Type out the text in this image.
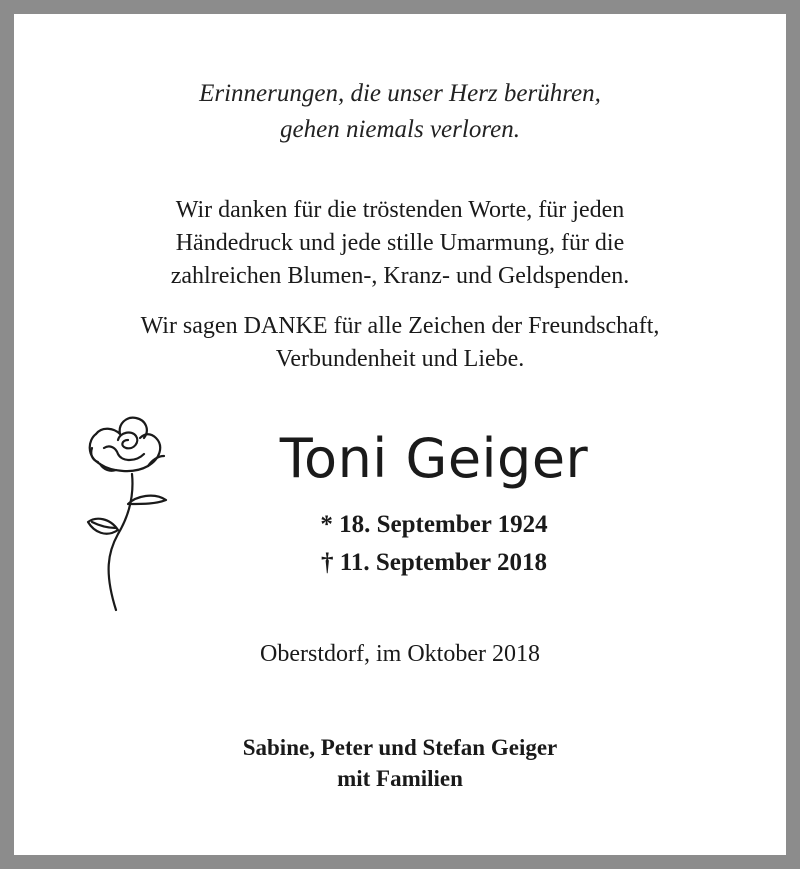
Erinnerungen, die unser Herz berühren,
gehen niemals verloren.
Wir danken für die tröstenden Worte, für jeden
Händedruck und jede stille Umarmung, für die
zahlreichen Blumen-, Kranz- und Geldspenden.
Wir sagen DANKE für alle Zeichen der Freundschaft,
Verbundenheit und Liebe.
Toni Geiger
* 18. September 1924
† 11. September 2018
Oberstdorf, im Oktober 2018
Sabine, Peter und Stefan Geiger
mit Familien
